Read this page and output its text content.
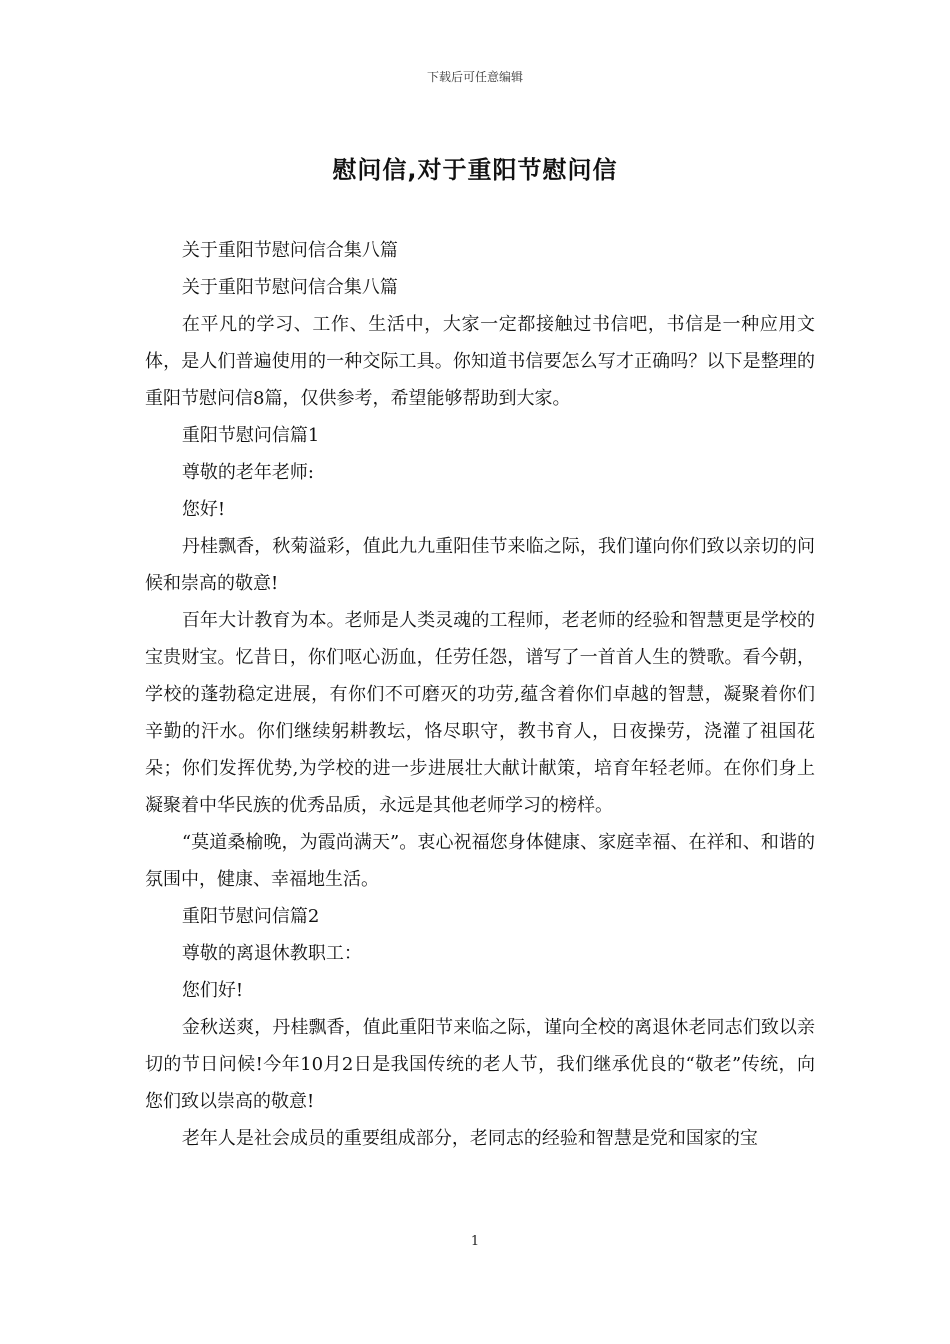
下载后可任意编辑
慰问信,对于重阳节慰问信

关于重阳节慰问信合集八篇

关于重阳节慰问信合集八篇

在平凡的学习、工作、生活中，大家一定都接触过书信吧，书信是一种应用文体，是人们普遍使用的一种交际工具。你知道书信要怎么写才正确吗？以下是整理的重阳节慰问信8篇，仅供参考，希望能够帮助到大家。

重阳节慰问信篇1

尊敬的老年老师:

您好!

丹桂飘香，秋菊溢彩，值此九九重阳佳节来临之际，我们谨向你们致以亲切的问候和崇高的敬意!

百年大计教育为本。老师是人类灵魂的工程师，老老师的经验和智慧更是学校的宝贵财宝。忆昔日，你们呕心沥血，任劳任怨，谱写了一首首人生的赞歌。看今朝，学校的蓬勃稳定进展，有你们不可磨灭的功劳,蕴含着你们卓越的智慧，凝聚着你们辛勤的汗水。你们继续躬耕教坛，恪尽职守，教书育人，日夜操劳，浇灌了祖国花朵；你们发挥优势,为学校的进一步进展壮大献计献策，培育年轻老师。在你们身上凝聚着中华民族的优秀品质，永远是其他老师学习的榜样。

“莫道桑榆晚，为霞尚满天”。衷心祝福您身体健康、家庭幸福、在祥和、和谐的氛围中，健康、幸福地生活。

重阳节慰问信篇2

尊敬的离退休教职工：

您们好!

金秋送爽，丹桂飘香，值此重阳节来临之际，谨向全校的离退休老同志们致以亲切的节日问候!今年10月2日是我国传统的老人节，我们继承优良的“敬老”传统，向您们致以崇高的敬意!

老年人是社会成员的重要组成部分，老同志的经验和智慧是党和国家的宝

1
